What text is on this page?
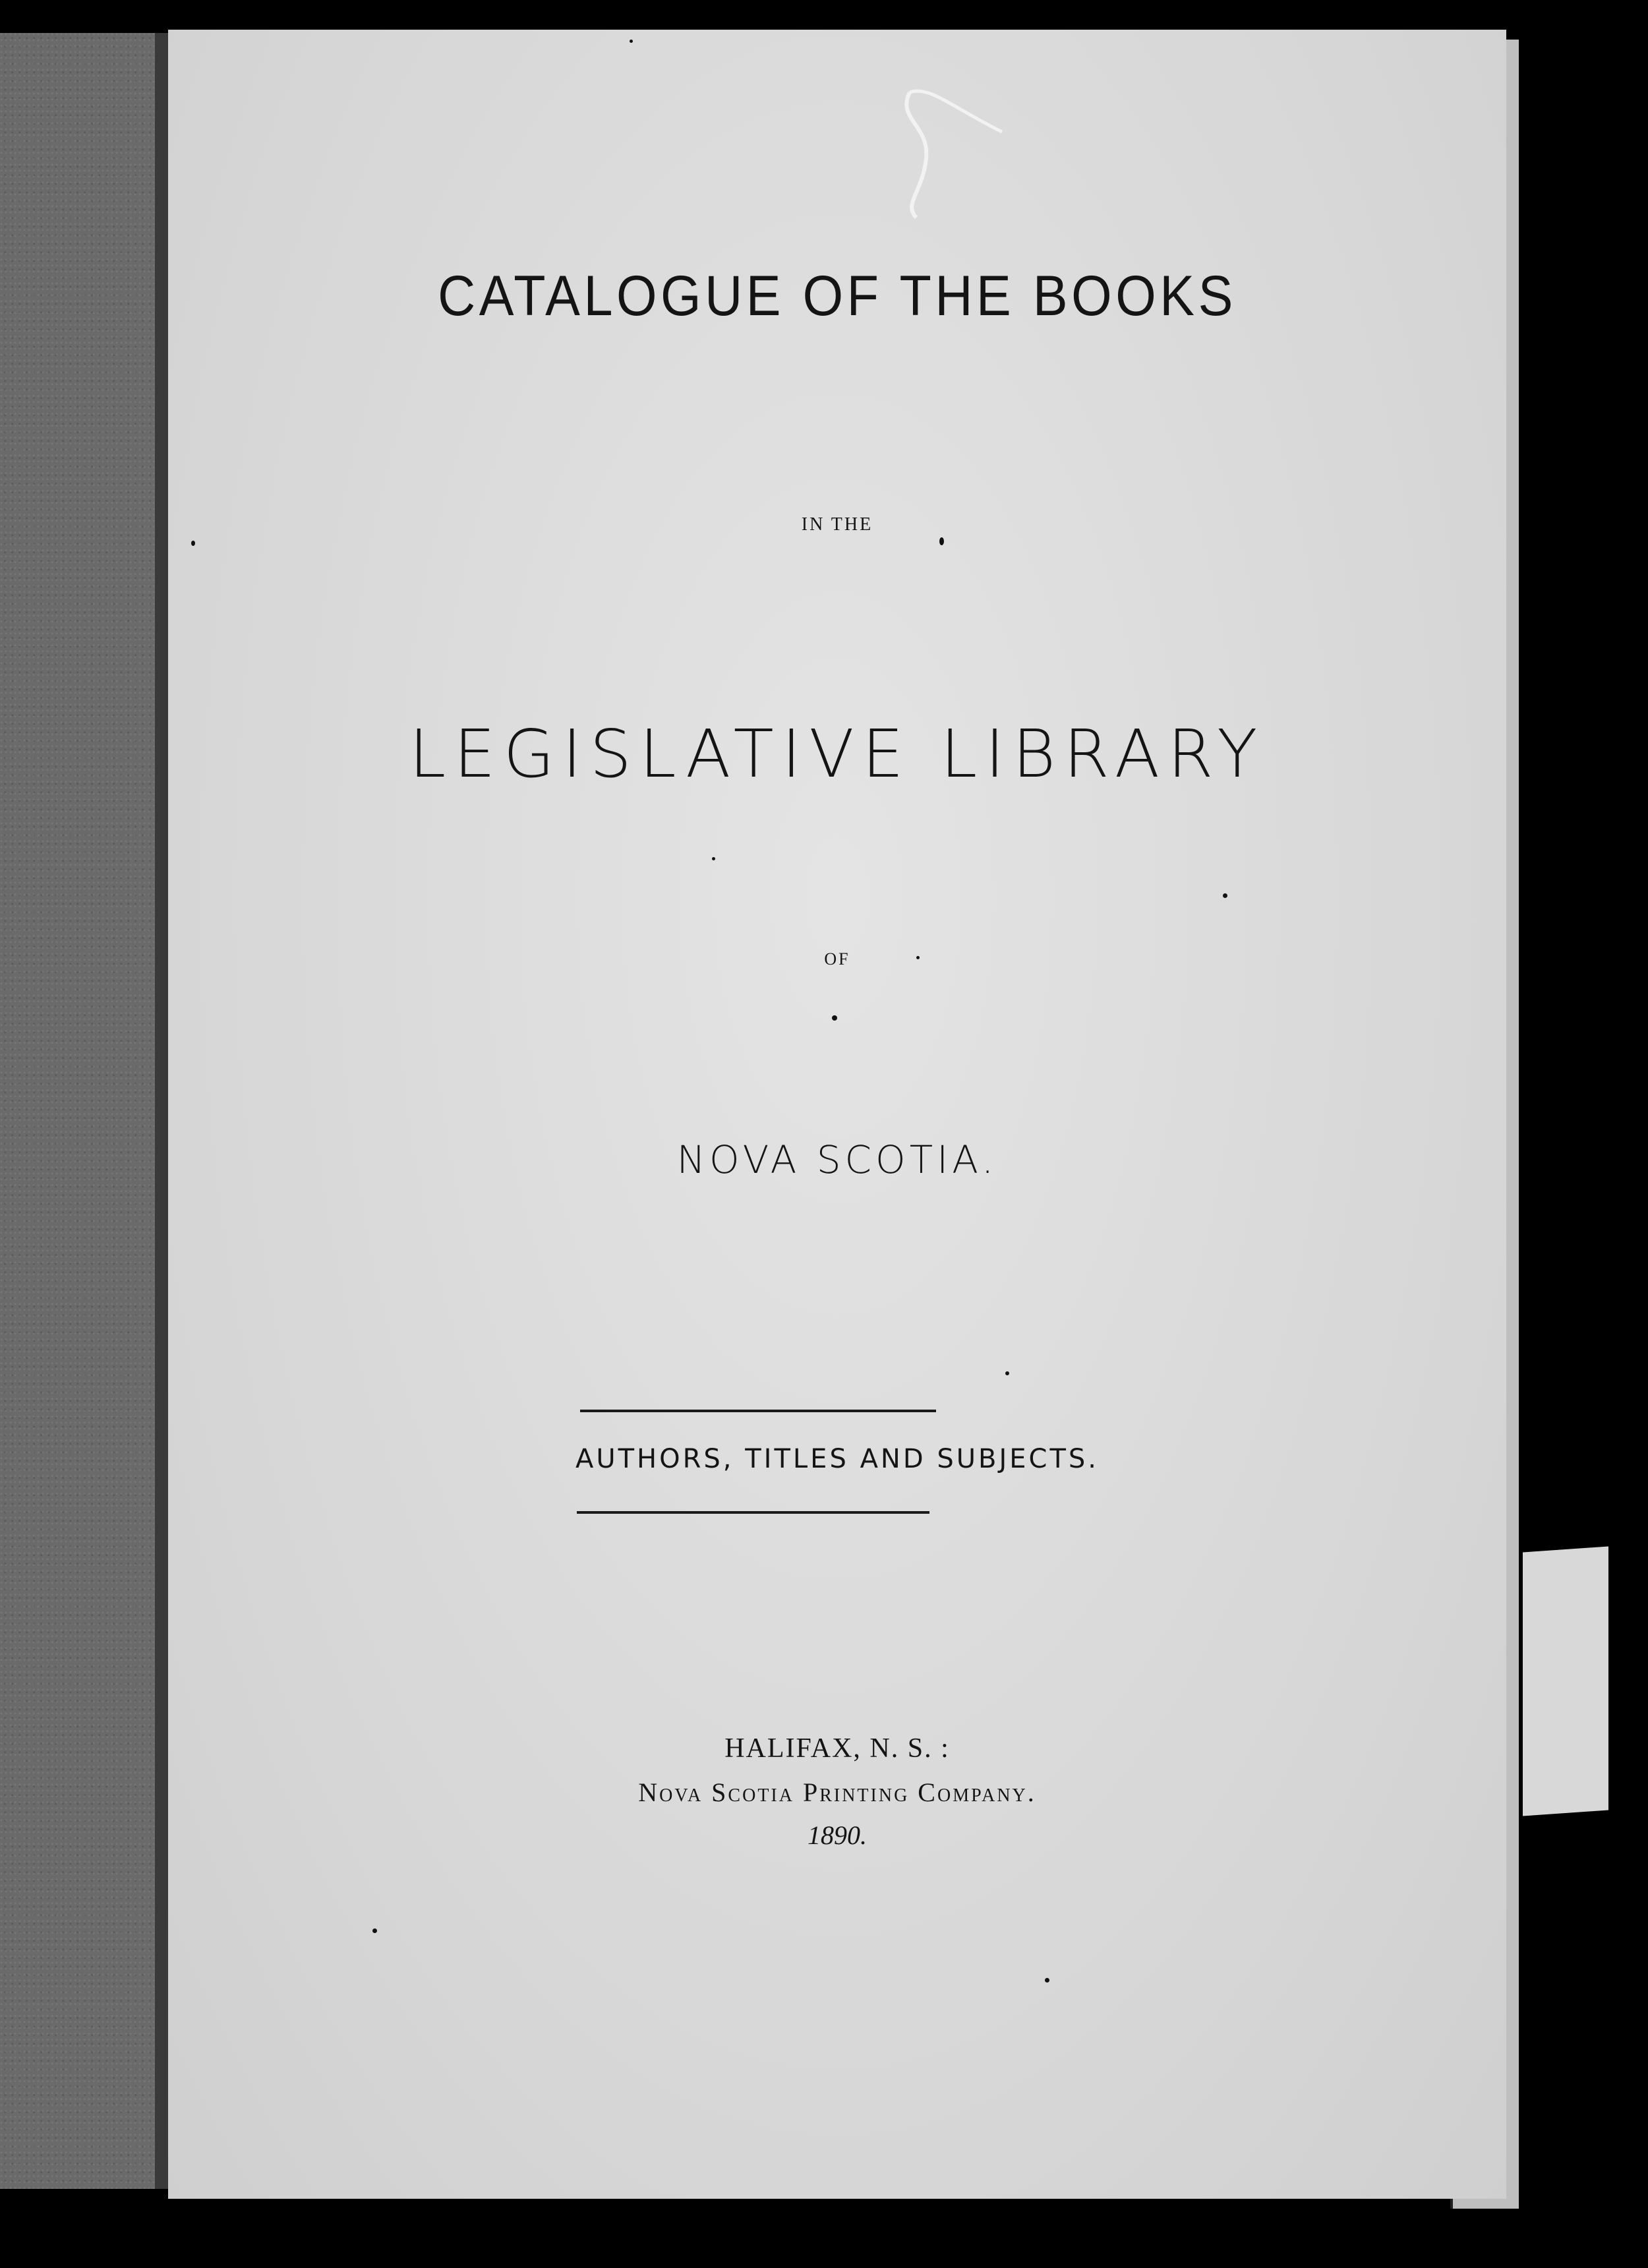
CATALOGUE OF THE BOOKS
IN THE
LEGISLATIVE LIBRARY
OF
NOVA SCOTIA.
AUTHORS, TITLES AND SUBJECTS.
HALIFAX, N. S. :
Nova Scotia Printing Company.
1890.
